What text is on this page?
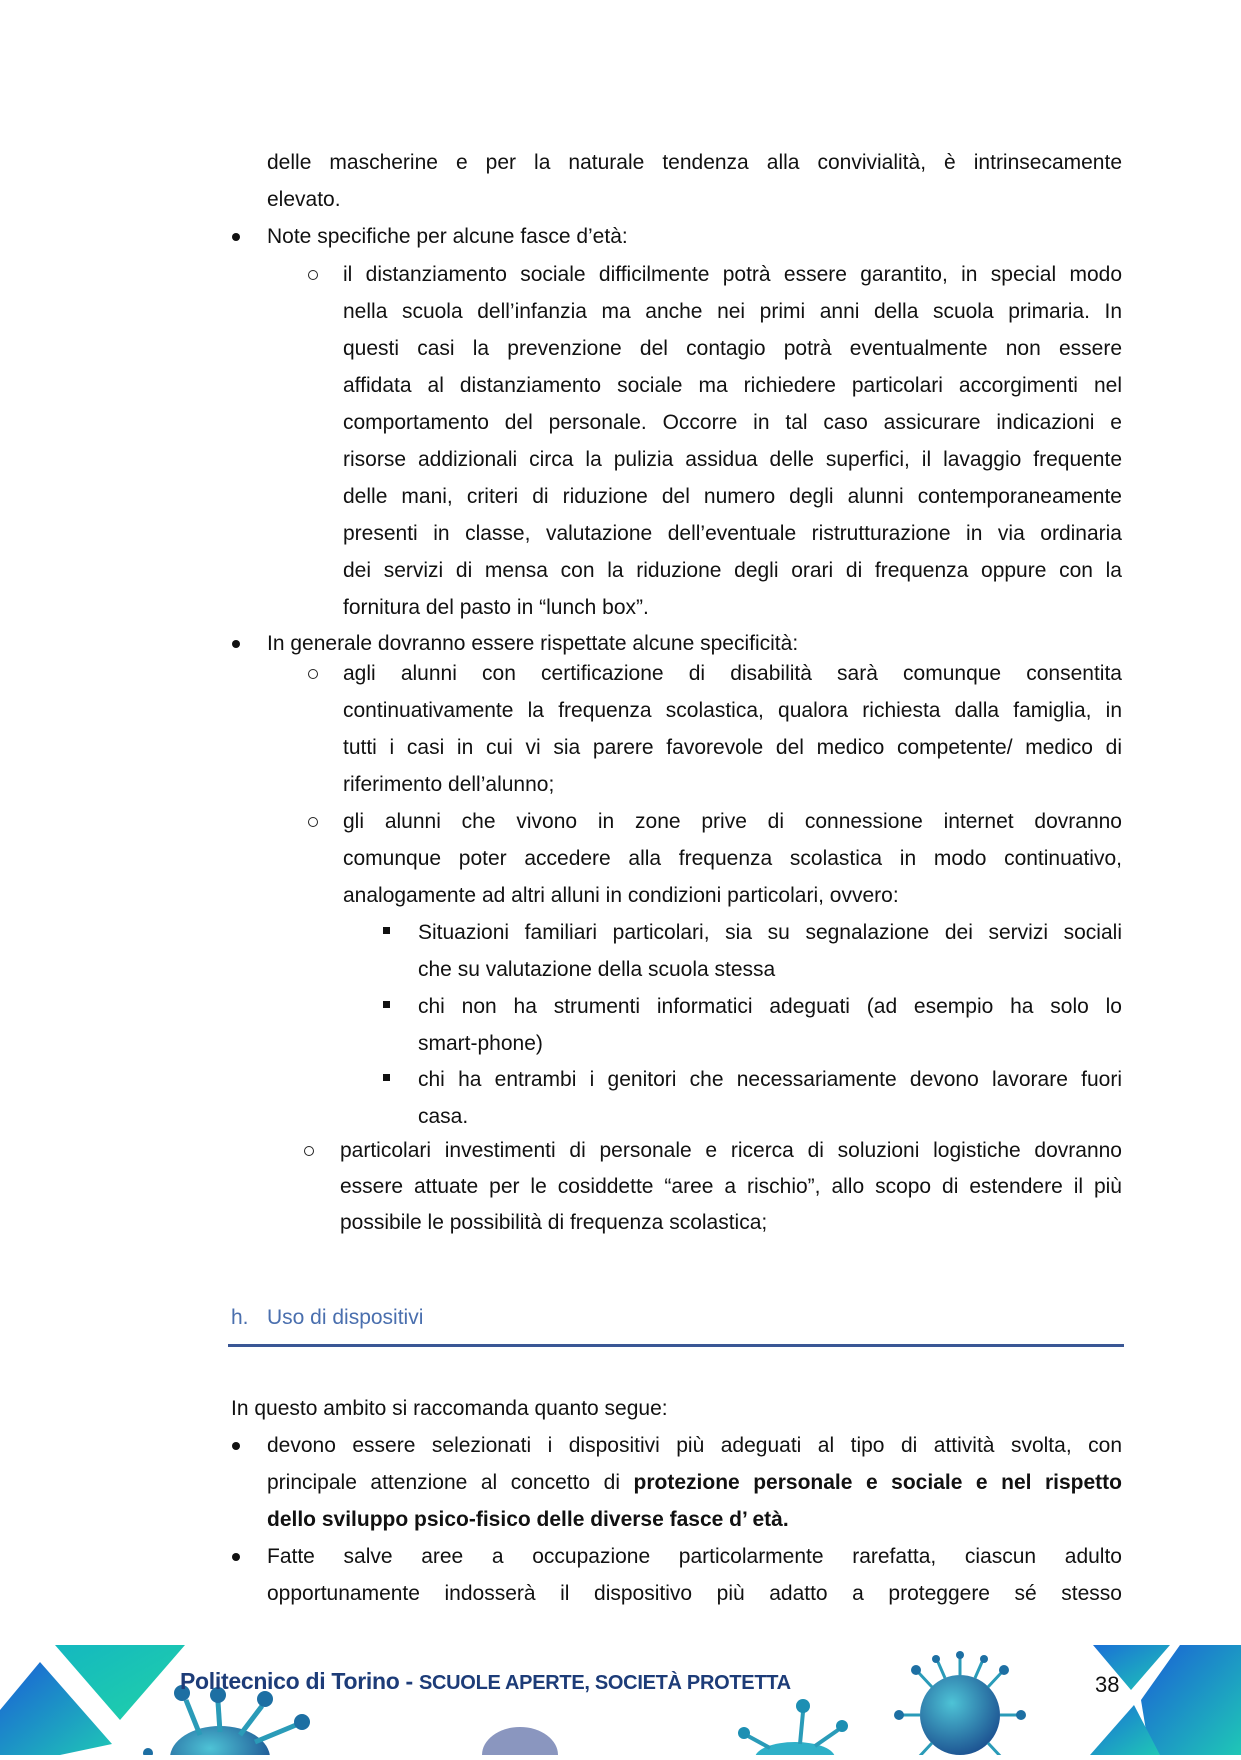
delle mascherine e per la naturale tendenza alla convivialità, è intrinsecamente
elevato.
Note specifiche per alcune fasce d’età:
il distanziamento sociale difficilmente potrà essere garantito, in special modo
nella scuola dell’infanzia ma anche nei primi anni della scuola primaria. In
questi casi la prevenzione del contagio potrà eventualmente non essere
affidata al distanziamento sociale ma richiedere particolari accorgimenti nel
comportamento del personale. Occorre in tal caso assicurare indicazioni e
risorse addizionali circa la pulizia assidua delle superfici, il lavaggio frequente
delle mani, criteri di riduzione del numero degli alunni contemporaneamente
presenti in classe, valutazione dell’eventuale ristrutturazione in via ordinaria
dei servizi di mensa con la riduzione degli orari di frequenza oppure con la
fornitura del pasto in “lunch box”.
In generale dovranno essere rispettate alcune specificità:
agli alunni con certificazione di disabilità sarà comunque consentita
continuativamente la frequenza scolastica, qualora richiesta dalla famiglia, in
tutti i casi in cui vi sia parere favorevole del medico competente/ medico di
riferimento dell’alunno;
gli alunni che vivono in zone prive di connessione internet dovranno
comunque poter accedere alla frequenza scolastica in modo continuativo,
analogamente ad altri alluni in condizioni particolari, ovvero:
Situazioni familiari particolari, sia su segnalazione dei servizi sociali
che su valutazione della scuola stessa
chi non ha strumenti informatici adeguati (ad esempio ha solo lo
smart-phone)
chi ha entrambi i genitori che necessariamente devono lavorare fuori
casa.
particolari investimenti di personale e ricerca di soluzioni logistiche dovranno
essere attuate per le cosiddette “aree a rischio”, allo scopo di estendere il più
possibile le possibilità di frequenza scolastica;
h. Uso di dispositivi
In questo ambito si raccomanda quanto segue:
devono essere selezionati i dispositivi più adeguati al tipo di attività svolta, con
principale attenzione al concetto di protezione personale e sociale e nel rispetto
dello sviluppo psico-fisico delle diverse fasce d’ età.
Fatte salve aree a occupazione particolarmente rarefatta, ciascun adulto
opportunamente indosserà il dispositivo più adatto a proteggere sé stesso
Politecnico di Torino - SCUOLE APERTE, SOCIETÀ PROTETTA	38
